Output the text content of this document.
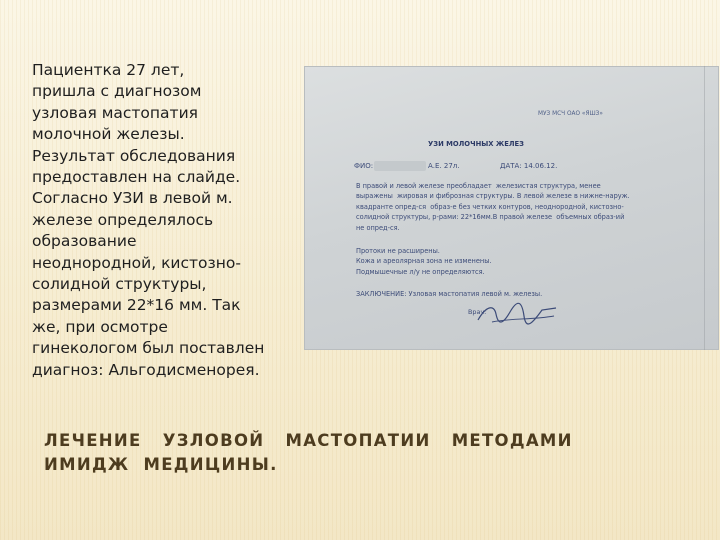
Пациентка 27 лет,
пришла с диагнозом
узловая мастопатия
молочной железы.
Результат обследования
предоставлен на слайде.
Согласно УЗИ в левой м.
железе определялось
образование
неоднородной, кистозно-
солидной структуры,
размерами 22*16 мм. Так
же, при осмотре
гинекологом был поставлен
диагноз: Альгодисменорея.

МУЗ МСЧ ОАО «ЯШЗ»
УЗИ МОЛОЧНЫХ ЖЕЛЕЗ
ФИО:	А.Е. 27л.	ДАТА: 14.06.12.
В правой и левой железе преобладает  железистая структура, менее
выражены  жировая и фиброзная структуры. В левой железе в нижне-наруж.
квадранте опред-ся  образ-е без четких контуров, неоднородной, кистозно-
солидной структуры, р-рами: 22*16мм.В правой железе  объемных образ-ий
не опред-ся.
Протоки не расширены.
Кожа и ареолярная зона не изменены.
Подмышечные л/у не определяются.
ЗАКЛЮЧЕНИЕ: Узловая мастопатия левой м. железы.
Врач:
ЛЕЧЕНИЕ   УЗЛОВОЙ   МАСТОПАТИИ   МЕТОДАМИ
ИМИДЖ  МЕДИЦИНЫ.
